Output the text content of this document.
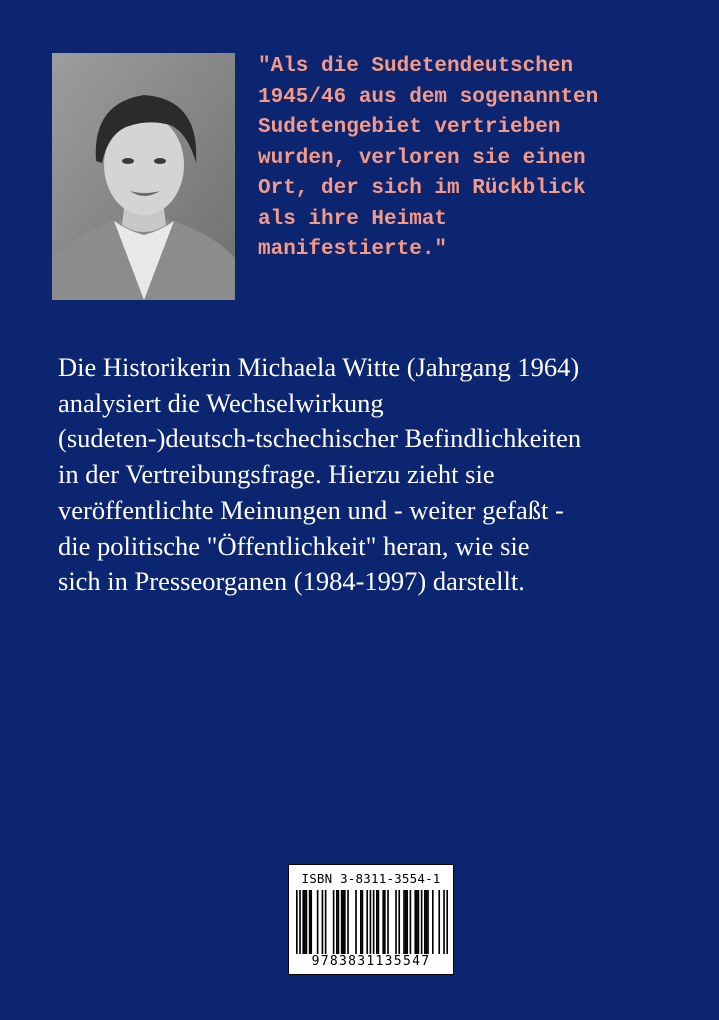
"Als die Sudetendeutschen
1945/46 aus dem sogenannten
Sudetengebiet vertrieben
wurden, verloren sie einen
Ort, der sich im Rückblick
als ihre Heimat
manifestierte."

Die Historikerin Michaela Witte (Jahrgang 1964)
analysiert die Wechselwirkung
(sudeten-)deutsch-tschechischer Befindlichkeiten
in der Vertreibungsfrage. Hierzu zieht sie
veröffentlichte Meinungen und - weiter gefaßt -
die politische "Öffentlichkeit" heran, wie sie
sich in Presseorganen (1984-1997) darstellt.

ISBN 3-8311-3554-1
9783831135547
